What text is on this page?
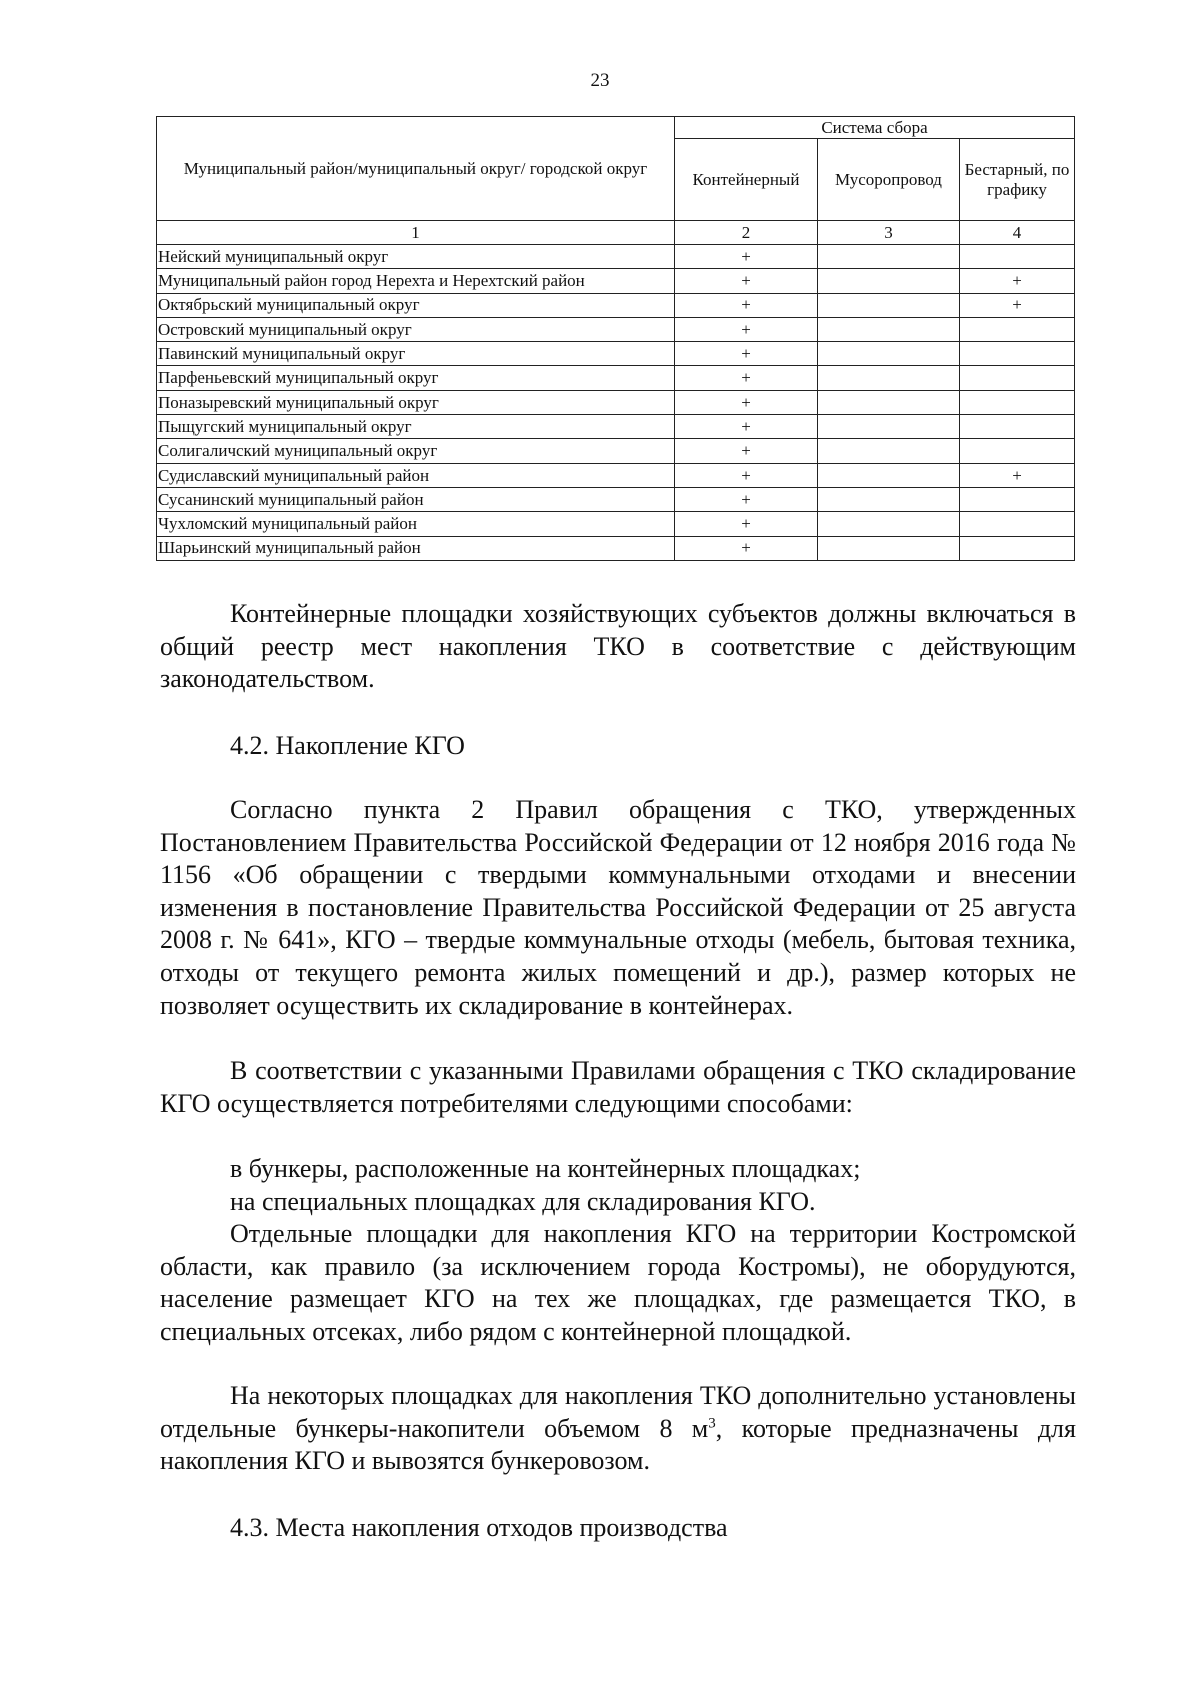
23
Муниципальный район/муниципальный округ/ городской округ	Система сбора		
	Контейнерный	Мусоропровод	Бестарный, по графику
1	2	3	4
Нейский муниципальный округ	+		
Муниципальный район город Нерехта и Нерехтский район	+		+
Октябрьский муниципальный округ	+		+
Островский муниципальный округ	+		
Павинский муниципальный округ	+		
Парфеньевский муниципальный округ	+		
Поназыревский муниципальный округ	+		
Пыщугский муниципальный округ	+		
Солигаличский муниципальный округ	+		
Судиславский муниципальный район	+		+
Сусанинский муниципальный район	+		
Чухломский муниципальный район	+		
Шарьинский муниципальный район	+		

Контейнерные площадки хозяйствующих субъектов должны включаться в общий реестр мест накопления ТКО в соответствие с действующим законодательством.

4.2. Накопление КГО

Согласно пункта 2 Правил обращения с ТКО, утвержденных Постановлением Правительства Российской Федерации от 12 ноября 2016 года № 1156 «Об обращении с твердыми коммунальными отходами и внесении изменения в постановление Правительства Российской Федерации от 25 августа 2008 г. № 641», КГО – твердые коммунальные отходы (мебель, бытовая техника, отходы от текущего ремонта жилых помещений и др.), размер которых не позволяет осуществить их складирование в контейнерах.

В соответствии с указанными Правилами обращения с ТКО складирование КГО осуществляется потребителями следующими способами:

в бункеры, расположенные на контейнерных площадках;

на специальных площадках для складирования КГО.

Отдельные площадки для накопления КГО на территории Костромской области, как правило (за исключением города Костромы), не оборудуются, население размещает КГО на тех же площадках, где размещается ТКО, в специальных отсеках, либо рядом с контейнерной площадкой.

На некоторых площадках для накопления ТКО дополнительно установлены отдельные бункеры-накопители объемом 8 $м^3$, которые предназначены для накопления КГО и вывозятся бункеровозом.

4.3. Места накопления отходов производства
